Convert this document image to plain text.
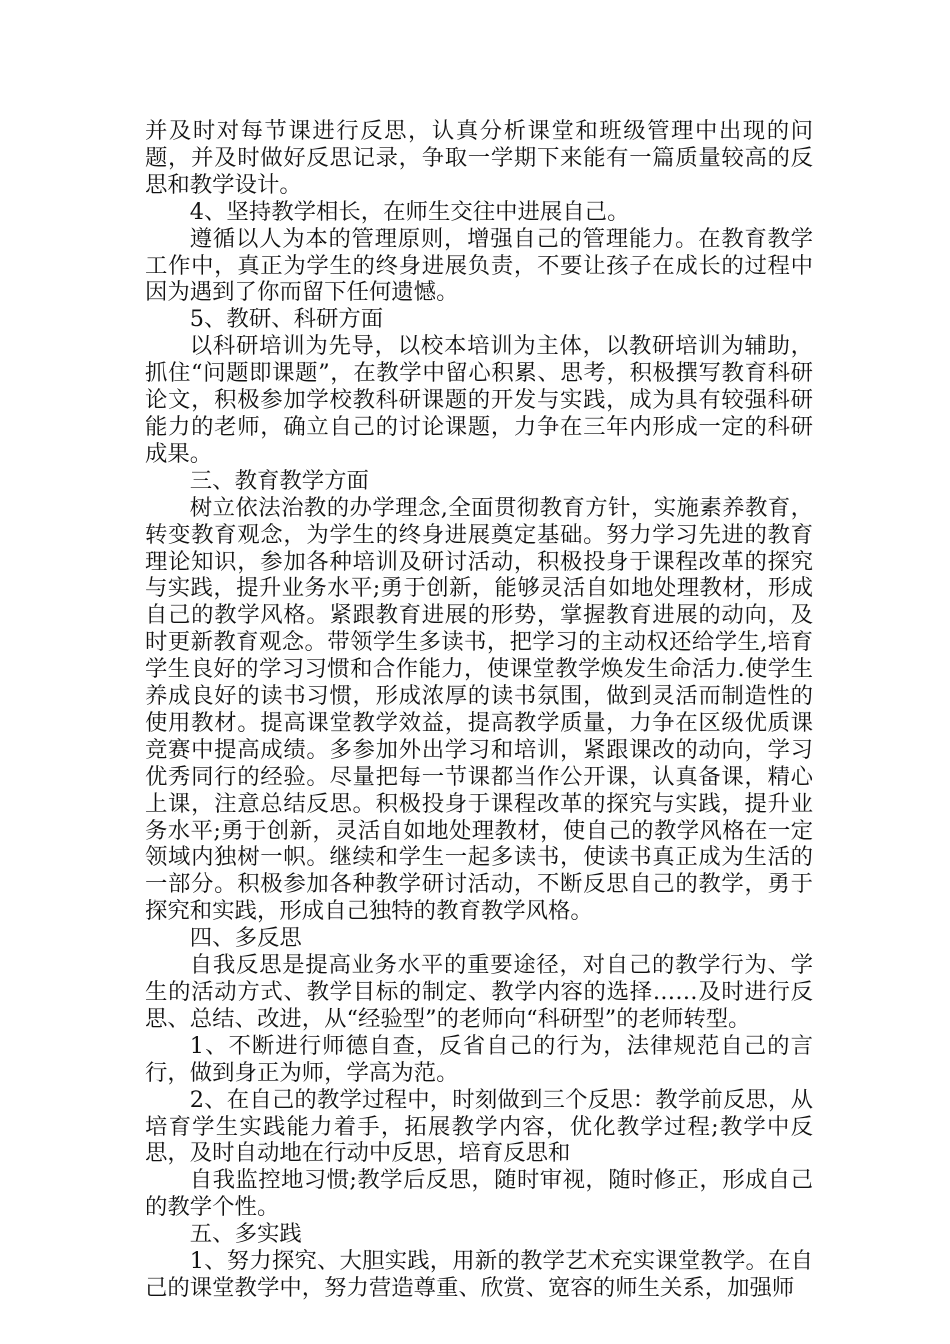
并及时对每节课进行反思，认真分析课堂和班级管理中出现的问题，并及时做好反思记录，争取一学期下来能有一篇质量较高的反思和教学设计。

4、坚持教学相长，在师生交往中进展自己。

遵循以人为本的管理原则，增强自己的管理能力。在教育教学工作中，真正为学生的终身进展负责，不要让孩子在成长的过程中因为遇到了你而留下任何遗憾。

5、教研、科研方面

以科研培训为先导，以校本培训为主体，以教研培训为辅助，抓住“问题即课题”，在教学中留心积累、思考，积极撰写教育科研论文，积极参加学校教科研课题的开发与实践，成为具有较强科研能力的老师，确立自己的讨论课题，力争在三年内形成一定的科研成果。

三、教育教学方面

树立依法治教的办学理念,全面贯彻教育方针，实施素养教育，转变教育观念，为学生的终身进展奠定基础。努力学习先进的教育理论知识，参加各种培训及研讨活动，积极投身于课程改革的探究与实践，提升业务水平;勇于创新，能够灵活自如地处理教材，形成自己的教学风格。紧跟教育进展的形势，掌握教育进展的动向，及时更新教育观念。带领学生多读书，把学习的主动权还给学生,培育学生良好的学习习惯和合作能力，使课堂教学焕发生命活力.使学生养成良好的读书习惯，形成浓厚的读书氛围，做到灵活而制造性的使用教材。提高课堂教学效益，提高教学质量，力争在区级优质课竞赛中提高成绩。多参加外出学习和培训，紧跟课改的动向，学习优秀同行的经验。尽量把每一节课都当作公开课，认真备课，精心上课，注意总结反思。积极投身于课程改革的探究与实践，提升业务水平;勇于创新，灵活自如地处理教材，使自己的教学风格在一定领域内独树一帜。继续和学生一起多读书，使读书真正成为生活的一部分。积极参加各种教学研讨活动，不断反思自己的教学，勇于探究和实践，形成自己独特的教育教学风格。

四、多反思

自我反思是提高业务水平的重要途径，对自己的教学行为、学生的活动方式、教学目标的制定、教学内容的选择……及时进行反思、总结、改进，从“经验型”的老师向“科研型”的老师转型。

1、不断进行师德自查，反省自己的行为，法律规范自己的言行，做到身正为师，学高为范。

2、在自己的教学过程中，时刻做到三个反思：教学前反思，从培育学生实践能力着手，拓展教学内容，优化教学过程;教学中反思，及时自动地在行动中反思，培育反思和

自我监控地习惯;教学后反思，随时审视，随时修正，形成自己的教学个性。

五、多实践

1、努力探究、大胆实践，用新的教学艺术充实课堂教学。在自己的课堂教学中，努力营造尊重、欣赏、宽容的师生关系，加强师
